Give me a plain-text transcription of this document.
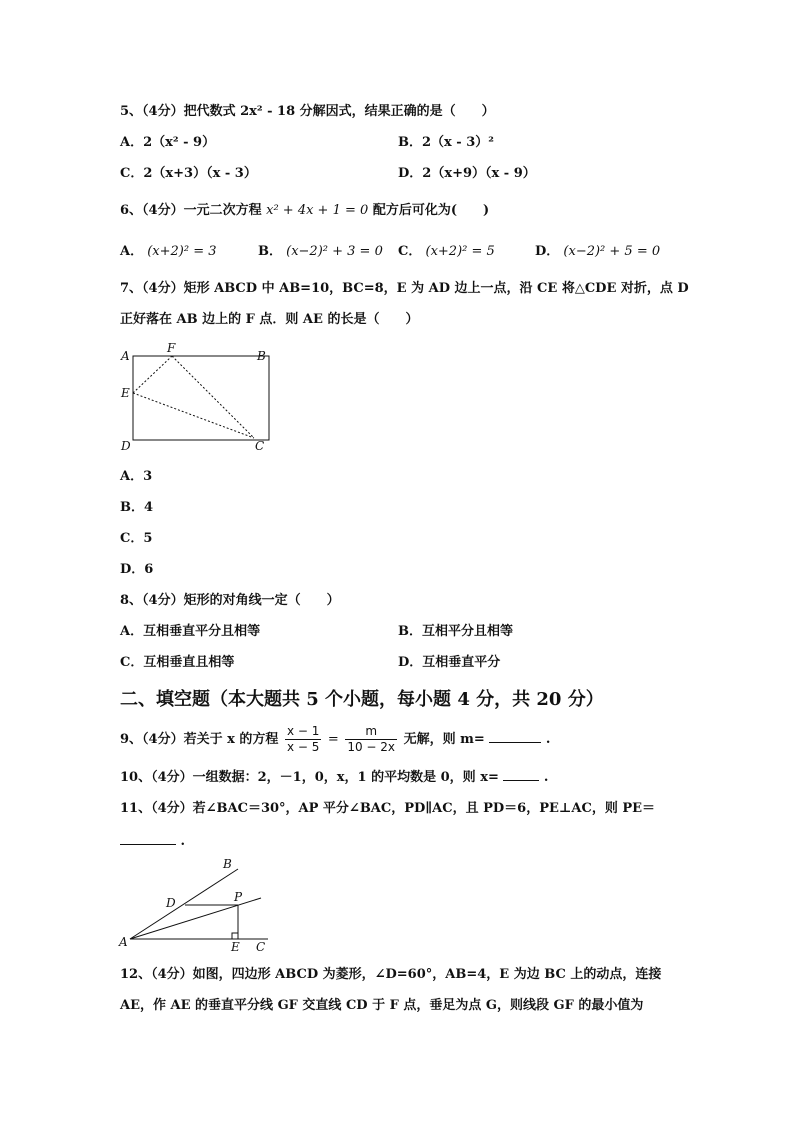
5、（4分）把代数式 2x² - 18 分解因式，结果正确的是（　　）
A．2（x² - 9）	B．2（x - 3）²
C．2（x+3）（x - 3）	D．2（x+9）（x - 9）
6、（4分）一元二次方程 x² + 4x + 1 = 0 配方后可化为(　　)
A． (x+2)² = 3	B． (x−2)² + 3 = 0 C． (x+2)² = 5	D． (x−2)² + 5 = 0
7、（4分）矩形 ABCD 中 AB=10，BC=8，E 为 AD 边上一点，沿 CE 将△CDE 对折，点 D
正好落在 AB 边上的 F 点．则 AE 的长是（　　）
A
F
B
E
D	C
A．3
B．4
C．5
D．6
8、（4分）矩形的对角线一定（　　）
A．互相垂直平分且相等	B．互相平分且相等
C．互相垂直且相等	D．互相垂直平分
二、填空题（本大题共 5 个小题，每小题 4 分，共 20 分）
9、（4分）若关于 x 的方程 $\frac{x - 1}{x - 5} = \frac{m}{10 - 2x}$ 无解，则 m=	.
10、（4分）一组数据：2，－1，0，x，1 的平均数是 0，则 x=	.
11、（4分）若∠BAC＝30°，AP 平分∠BAC，PD∥AC，且 PD＝6，PE⊥AC，则 PE＝
.
B
D	P
A	E C
12、（4分）如图，四边形 ABCD 为菱形，∠D=60°，AB=4，E 为边 BC 上的动点，连接
AE，作 AE 的垂直平分线 GF 交直线 CD 于 F 点，垂足为点 G，则线段 GF 的最小值为
